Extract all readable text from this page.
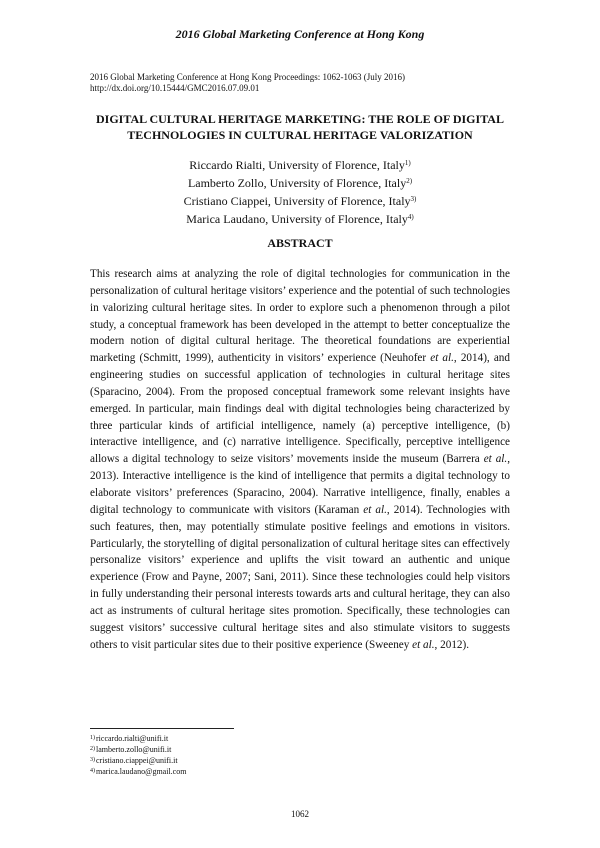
2016 Global Marketing Conference at Hong Kong
2016 Global Marketing Conference at Hong Kong Proceedings: 1062-1063 (July 2016)
http://dx.doi.org/10.15444/GMC2016.07.09.01
DIGITAL CULTURAL HERITAGE MARKETING: THE ROLE OF DIGITAL
TECHNOLOGIES IN CULTURAL HERITAGE VALORIZATION
Riccardo Rialti, University of Florence, Italy$^{1)}$
Lamberto Zollo, University of Florence, Italy$^{2)}$
Cristiano Ciappei, University of Florence, Italy$^{3)}$
Marica Laudano, University of Florence, Italy$^{4)}$
ABSTRACT
This research aims at analyzing the role of digital technologies for communication in the personalization of cultural heritage visitors’ experience and the potential of such technologies in valorizing cultural heritage sites. In order to explore such a phenomenon through a pilot study, a conceptual framework has been developed in the attempt to better conceptualize the modern notion of digital cultural heritage. The theoretical foundations are experiential marketing (Schmitt, 1999), authenticity in visitors’ experience (Neuhofer et al., 2014), and engineering studies on successful application of technologies in cultural heritage sites (Sparacino, 2004). From the proposed conceptual framework some relevant insights have emerged. In particular, main findings deal with digital technologies being characterized by three particular kinds of artificial intelligence, namely (a) perceptive intelligence, (b) interactive intelligence, and (c) narrative intelligence. Specifically, perceptive intelligence allows a digital technology to seize visitors’ movements inside the museum (Barrera et al., 2013). Interactive intelligence is the kind of intelligence that permits a digital technology to elaborate visitors’ preferences (Sparacino, 2004). Narrative intelligence, finally, enables a digital technology to communicate with visitors (Karaman et al., 2014). Technologies with such features, then, may potentially stimulate positive feelings and emotions in visitors. Particularly, the storytelling of digital personalization of cultural heritage sites can effectively personalize visitors’ experience and uplifts the visit toward an authentic and unique experience (Frow and Payne, 2007; Sani, 2011). Since these technologies could help visitors in fully understanding their personal interests towards arts and cultural heritage, they can also act as instruments of cultural heritage sites promotion. Specifically, these technologies can suggest visitors’ successive cultural heritage sites and also stimulate visitors to suggests others to visit particular sites due to their positive experience (Sweeney et al., 2012).
$^{1)}$riccardo.rialti@unifi.it
$^{2)}$lamberto.zollo@unifi.it
$^{3)}$cristiano.ciappei@unifi.it
$^{4)}$marica.laudano@gmail.com
1062
